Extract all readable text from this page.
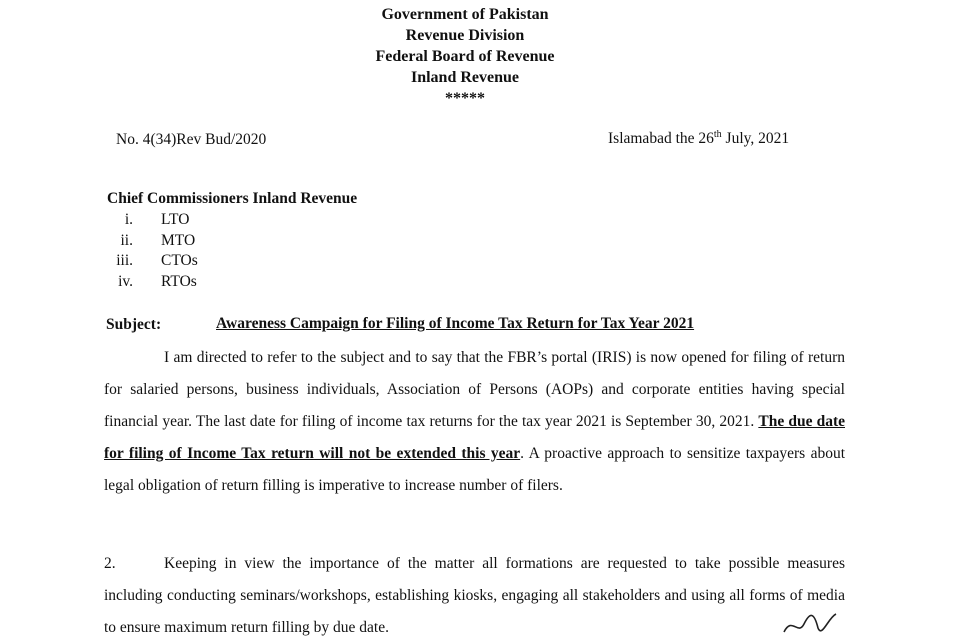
Government of Pakistan
Revenue Division
Federal Board of Revenue
Inland Revenue
*****
No. 4(34)Rev Bud/2020	Islamabad the 26th July, 2021
Chief Commissioners Inland Revenue
i. LTO
ii. MTO
iii. CTOs
iv. RTOs
Subject:	Awareness Campaign for Filing of Income Tax Return for Tax Year 2021
I am directed to refer to the subject and to say that the FBR’s portal (IRIS) is now opened for filing of return for salaried persons, business individuals, Association of Persons (AOPs) and corporate entities having special financial year. The last date for filing of income tax returns for the tax year 2021 is September 30, 2021. The due date for filing of Income Tax return will not be extended this year. A proactive approach to sensitize taxpayers about legal obligation of return filling is imperative to increase number of filers.
2.	Keeping in view the importance of the matter all formations are requested to take possible measures including conducting seminars/workshops, establishing kiosks, engaging all stakeholders and using all forms of media to ensure maximum return filling by due date.
